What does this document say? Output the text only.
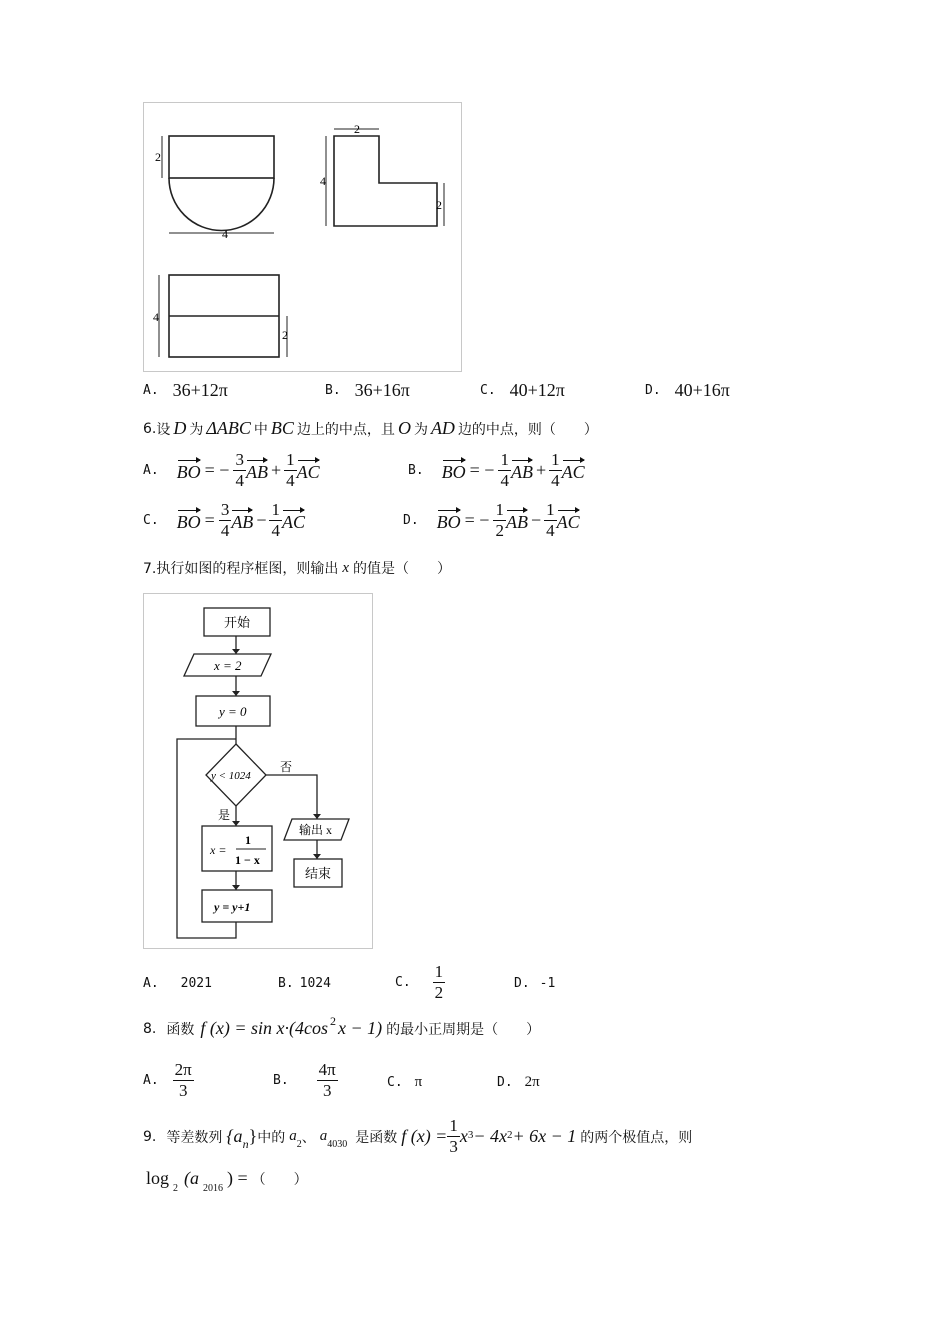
2
4
2
4
2
4
2
A. 36+12π	B. 36+16π	C. 40+12π	D. 40+16π
6. 设 D 为 ΔABC 中 BC 边上的中点，且 O 为 AD 边的中点，则（　　）
A. BO = − $\frac{3}{4}$ AB + $\frac{1}{4}$ AC	B. BO = − $\frac{1}{4}$ AB + $\frac{1}{4}$ AC
C. BO = $\frac{3}{4}$ AB − $\frac{1}{4}$ AC	D. BO = − $\frac{1}{2}$ AB − $\frac{1}{4}$ AC
7.执行如图的程序框图，则输出 x 的值是（　　）
开始
x = 2
y = 0
y < 1024
否
是
x =
1
1 − x
输出 x
结束
y = y+1
A. 2021	B. 1024	C. $\frac{1}{2}$	D. -1
8. 函数 f (x) = sin x·(4cos 2 x − 1) 的最小正周期是（　　）
A. $\frac{2\pi}{3}$	B. $\frac{4\pi}{3}$	C. π	D. 2π
9. 等差数列 {a n } 中的 a
2 、 a
4030 是函数 f $(x) = \frac{1}{3}$ x 3 − 4x 2 + 6x − 1 的两个极值点，则
log
2
(a
2016
) = （　　）
